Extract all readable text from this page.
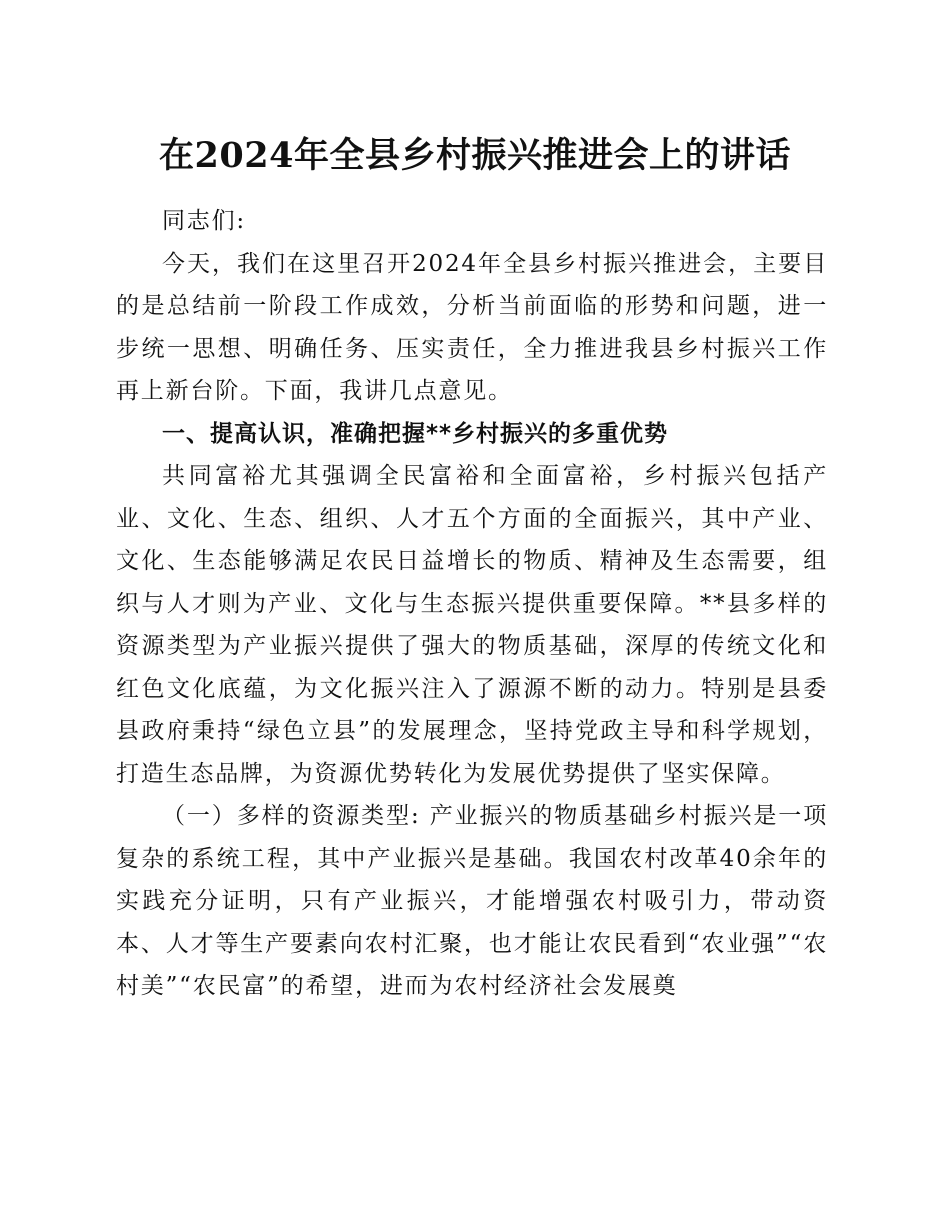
在2024年全县乡村振兴推进会上的讲话

同志们:

今天，我们在这里召开2024年全县乡村振兴推进会，主要目的是总结前一阶段工作成效，分析当前面临的形势和问题，进一步统一思想、明确任务、压实责任，全力推进我县乡村振兴工作再上新台阶。下面，我讲几点意见。

一、提高认识，准确把握**乡村振兴的多重优势

共同富裕尤其强调全民富裕和全面富裕，乡村振兴包括产业、文化、生态、组织、人才五个方面的全面振兴，其中产业、文化、生态能够满足农民日益增长的物质、精神及生态需要，组织与人才则为产业、文化与生态振兴提供重要保障。**县多样的资源类型为产业振兴提供了强大的物质基础，深厚的传统文化和红色文化底蕴，为文化振兴注入了源源不断的动力。特别是县委县政府秉持“绿色立县”的发展理念，坚持党政主导和科学规划，打造生态品牌，为资源优势转化为发展优势提供了坚实保障。

（一）多样的资源类型: 产业振兴的物质基础乡村振兴是一项复杂的系统工程，其中产业振兴是基础。我国农村改革40余年的实践充分证明，只有产业振兴，才能增强农村吸引力，带动资本、人才等生产要素向农村汇聚，也才能让农民看到“农业强”“农村美”“农民富”的希望，进而为农村经济社会发展奠
